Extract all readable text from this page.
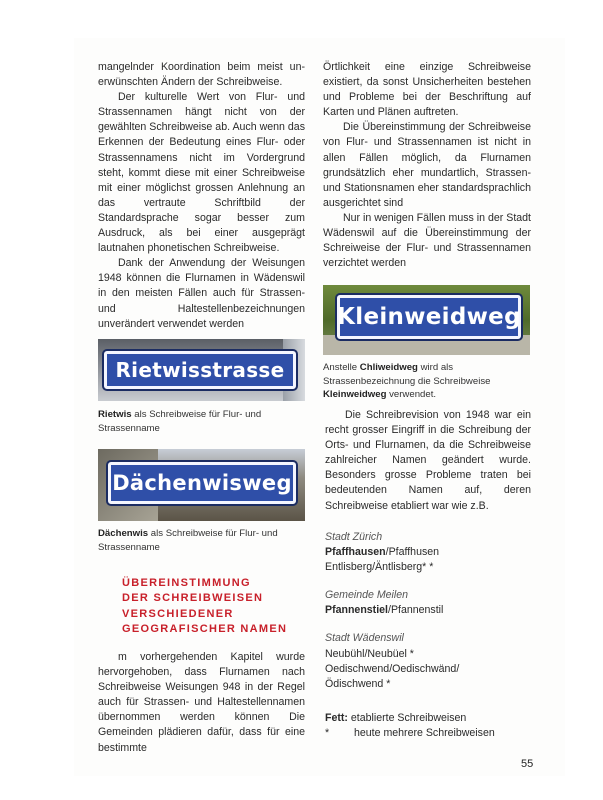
mangelnder Koordination beim meist un-erwünschten Ändern der Schreibweise.

Der kulturelle Wert von Flur- und Strassennamen hängt nicht von der gewählten Schreibweise ab. Auch wenn das Erkennen der Bedeutung eines Flur- oder Strassennamens nicht im Vordergrund steht, kommt diese mit einer Schreibweise mit einer möglichst grossen Anlehnung an das vertraute Schriftbild der Standardsprache sogar besser zum Ausdruck, als bei einer ausgeprägt lautnahen phonetischen Schreibweise.

Dank der Anwendung der Weisungen 1948 können die Flurnamen in Wädenswil in den meisten Fällen auch für Strassen- und Haltestellenbezeichnungen unverändert verwendet werden

Rietwisstrasse
Rietwis als Schreibweise für Flur- und Strassenname
Dächenwisweg
Dächenwis als Schreibweise für Flur- und Strassenname
ÜBEREINSTIMMUNG
DER SCHREIBWEISEN
VERSCHIEDENER
GEOGRAFISCHER NAMEN

m vorhergehenden Kapitel wurde hervorgehoben, dass Flurnamen nach Schreibweise Weisungen 948 in der Regel auch für Strassen- und Haltestellennamen übernommen werden können Die Gemeinden plädieren dafür, dass für eine bestimmte

Örtlichkeit eine einzige Schreibweise existiert, da sonst Unsicherheiten bestehen und Probleme bei der Beschriftung auf Karten und Plänen auftreten.

Die Übereinstimmung der Schreibweise von Flur- und Strassennamen ist nicht in allen Fällen möglich, da Flurnamen grundsätzlich eher mundartlich, Strassen- und Stationsnamen eher standardsprachlich ausgerichtet sind

Nur in wenigen Fällen muss in der Stadt Wädenswil auf die Übereinstimmung der Schreiweise der Flur- und Strassennamen verzichtet werden

Kleinweidweg
Anstelle Chliweidweg wird als Strassenbezeichnung die Schreibweise Kleinweidweg verwendet.

Die Schreibrevision von 1948 war ein recht grosser Eingriff in die Schreibung der Orts- und Flurnamen, da die Schreibweise zahlreicher Namen geändert wurde. Besonders grosse Probleme traten bei bedeutenden Namen auf, deren Schreibweise etabliert war wie z.B.

Stadt Zürich
Pfaffhausen/Pfaffhusen
Entlisberg/Äntlisberg* *
Gemeinde Meilen
Pfannenstiel/Pfannenstil
Stadt Wädenswil
Neubühl/Neubüel *
Oedischwend/Oedischwänd/
Ödischwend *
Fett: etablierte Schreibweisen
* heute mehrere Schreibweisen
55
